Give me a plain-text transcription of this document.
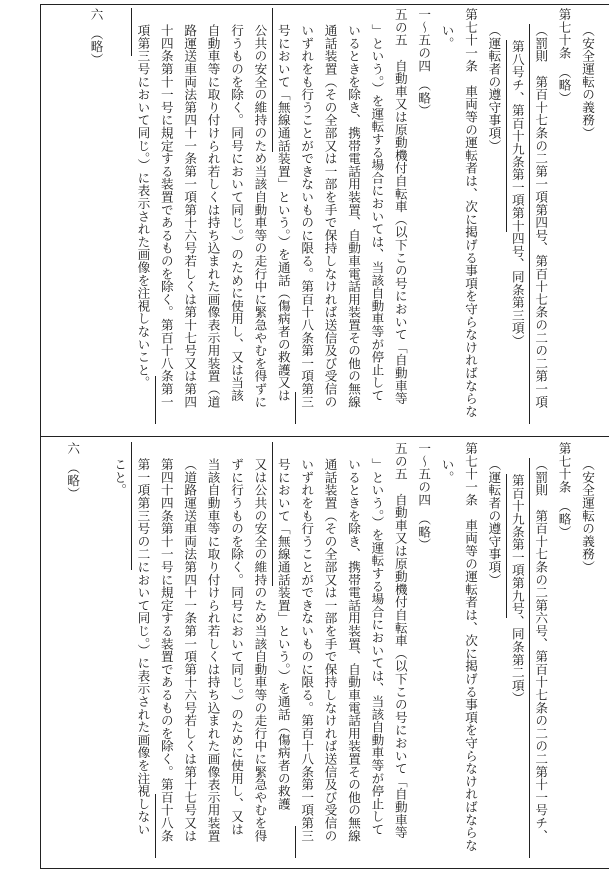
（安全運転の義務）
第七十条　（略）
（罰則　第百十七条の二第一項第四号、第百十七条の二の二第一項
第八号チ、第百十九条第一項第十四号、同条第三項）
（運転者の遵守事項）
第七十一条　車両等の運転者は、次に掲げる事項を守らなければならな
い。
一～五の四　（略）
五の五　自動車又は原動機付自転車（以下この号において「自動車等
」という。）を運転する場合においては、当該自動車等が停止して
いるときを除き、携帯電話用装置、自動車電話用装置その他の無線
通話装置（その全部又は一部を手で保持しなければ送信及び受信の
いずれをも行うことができないものに限る。第百十八条第一項第三
号において「無線通話装置」という。）を通話（傷病者の救護又は
公共の安全の維持のため当該自動車等の走行中に緊急やむを得ずに
行うものを除く。同号において同じ。）のために使用し、又は当該
自動車等に取り付けられ若しくは持ち込まれた画像表示用装置（道
路運送車両法第四十一条第一項第十六号若しくは第十七号又は第四
十四条第十一号に規定する装置であるものを除く。第百十八条第一
項第三号において同じ。）に表示された画像を注視しないこと。
六　（略）
（安全運転の義務）
第七十条　（略）
（罰則　第百十七条の二第六号、第百十七条の二の二第十一号チ、
第百十九条第一項第九号、同条第二項）
（運転者の遵守事項）
第七十一条　車両等の運転者は、次に掲げる事項を守らなければならな
い。
一～五の四　（略）
五の五　自動車又は原動機付自転車（以下この号において「自動車等
」という。）を運転する場合においては、当該自動車等が停止して
いるときを除き、携帯電話用装置、自動車電話用装置その他の無線
通話装置（その全部又は一部を手で保持しなければ送信及び受信の
いずれをも行うことができないものに限る。第百十八条第一項第三
号において「無線通話装置」という。）を通話（傷病者の救護
又は公共の安全の維持のため当該自動車等の走行中に緊急やむを得
ずに行うものを除く。同号において同じ。）のために使用し、又は
当該自動車等に取り付けられ若しくは持ち込まれた画像表示用装置
（道路運送車両法第四十一条第一項第十六号若しくは第十七号又は
第四十四条第十一号に規定する装置であるものを除く。第百十八条
第一項第三号の二において同じ。）に表示された画像を注視しない
こと。
六　（略）
